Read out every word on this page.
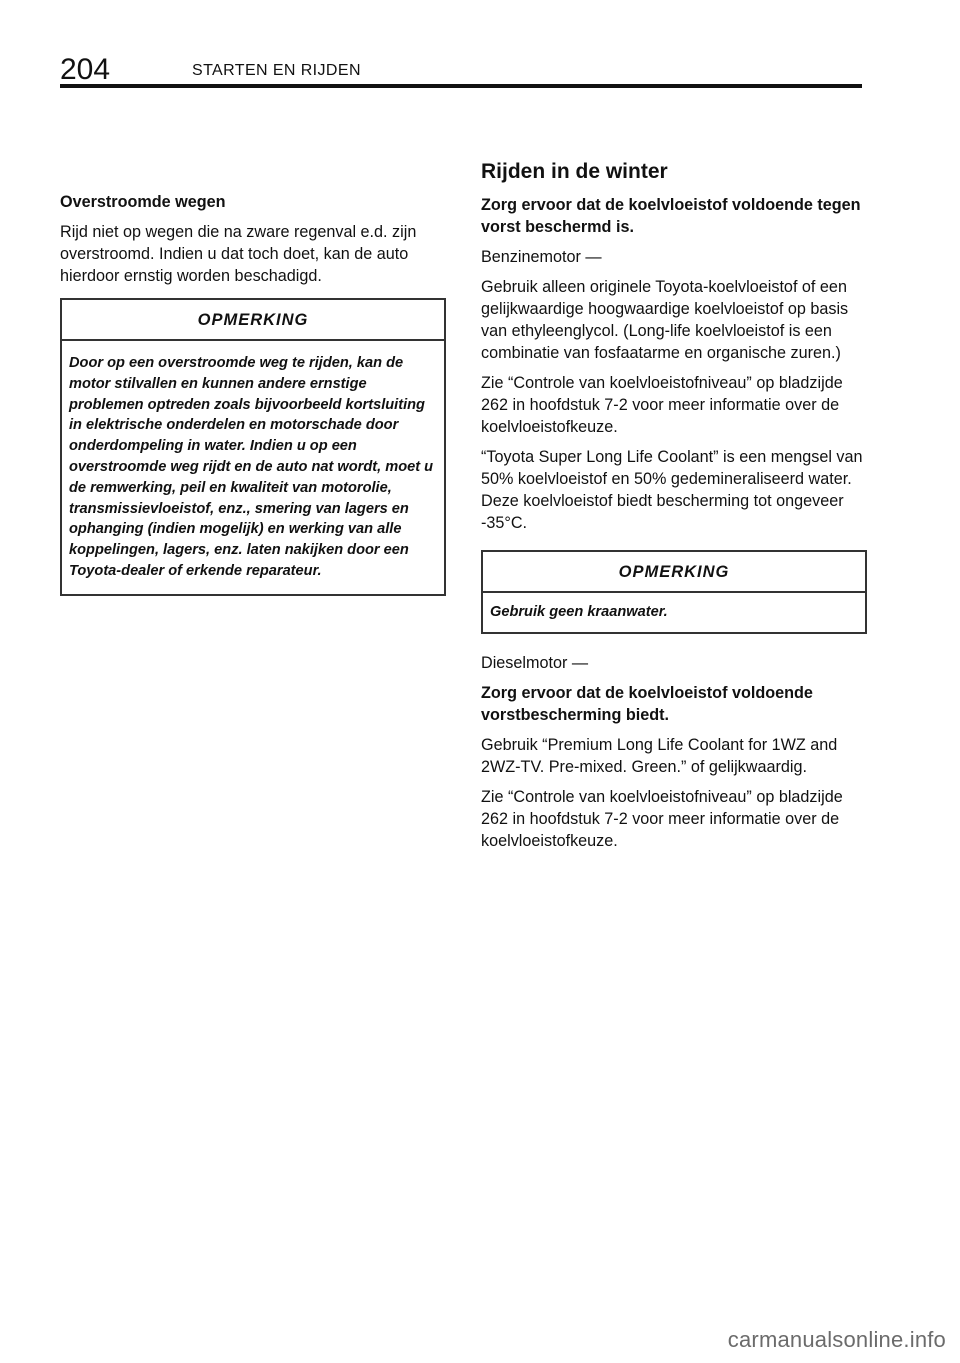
204	STARTEN EN RIJDEN

Overstroomde wegen

Rijd niet op wegen die na zware regenval e.d. zijn overstroomd. Indien u dat toch doet, kan de auto hierdoor ernstig worden beschadigd.

OPMERKING
Door op een overstroomde weg te rijden, kan de motor stilvallen en kunnen andere ernstige problemen optreden zoals bijvoorbeeld kortsluiting in elektrische onderdelen en motorschade door onderdompeling in water. Indien u op een overstroomde weg rijdt en de auto nat wordt, moet u de remwerking, peil en kwaliteit van motorolie, transmissievloeistof, enz., smering van lagers en ophanging (indien mogelijk) en werking van alle koppelingen, lagers, enz. laten nakijken door een Toyota-dealer of erkende reparateur.

Rijden in de winter

Zorg ervoor dat de koelvloeistof voldoende tegen vorst beschermd is.

Benzinemotor —

Gebruik alleen originele Toyota-koelvloeistof of een gelijkwaardige hoogwaardige koelvloeistof op basis van ethyleenglycol. (Long-life koelvloeistof is een combinatie van fosfaatarme en organische zuren.)

Zie “Controle van koelvloeistofniveau” op bladzijde 262 in hoofdstuk 7-2 voor meer informatie over de koelvloeistofkeuze.

“Toyota Super Long Life Coolant” is een mengsel van 50% koelvloeistof en 50% gedemineraliseerd water. Deze koelvloeistof biedt bescherming tot ongeveer -35°C.

OPMERKING
Gebruik geen kraanwater.

Dieselmotor —

Zorg ervoor dat de koelvloeistof voldoende vorstbescherming biedt.

Gebruik “Premium Long Life Coolant for 1WZ and 2WZ-TV. Pre-mixed. Green.” of gelijkwaardig.

Zie “Controle van koelvloeistofniveau” op bladzijde 262 in hoofdstuk 7-2 voor meer informatie over de koelvloeistofkeuze.

carmanualsonline.info
